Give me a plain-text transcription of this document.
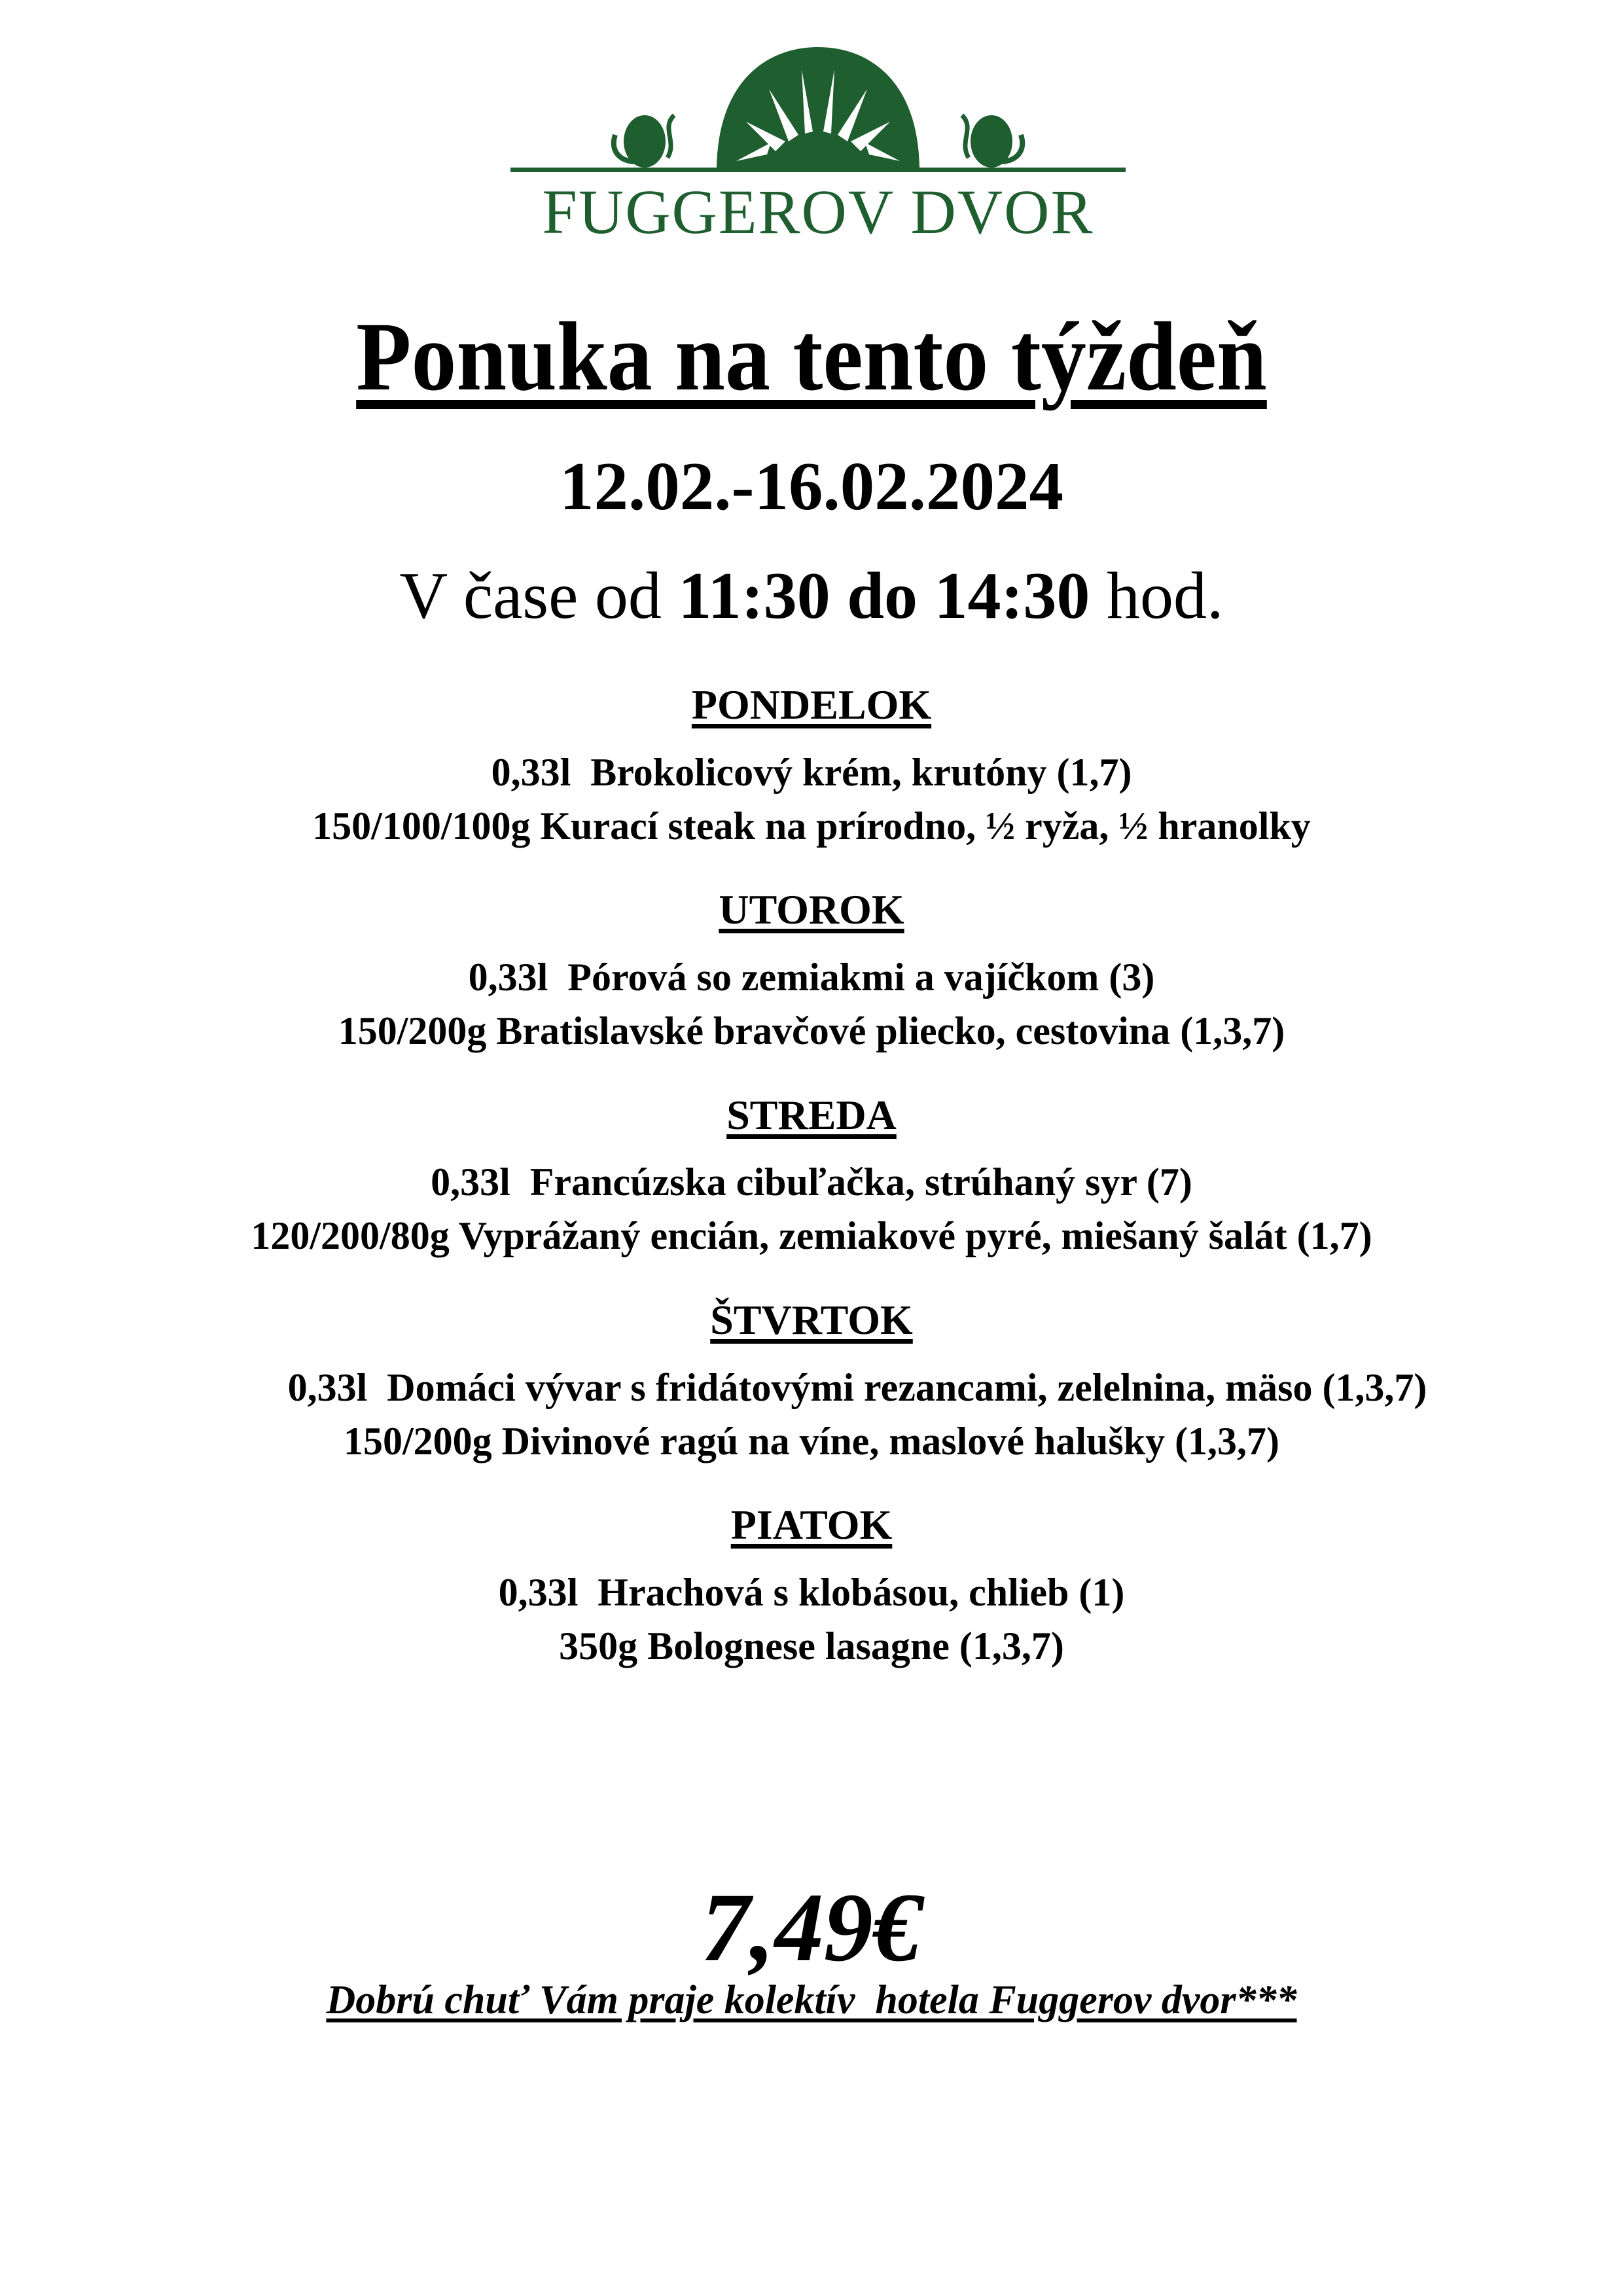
FUGGEROV DVOR
Ponuka na tento týždeň
12.02.-16.02.2024
V čase od 11:30 do 14:30 hod.
PONDELOK
0,33l  Brokolicový krém, krutóny (1,7)
150/100/100g Kurací steak na prírodno, ½ ryža, ½ hranolky
UTOROK
0,33l  Pórová so zemiakmi a vajíčkom (3)
150/200g Bratislavské bravčové pliecko, cestovina (1,3,7)
STREDA
0,33l  Francúzska cibuľačka, strúhaný syr (7)
120/200/80g Vyprážaný encián, zemiakové pyré, miešaný šalát (1,7)
ŠTVRTOK
0,33l  Domáci vývar s fridátovými rezancami, zelelnina, mäso (1,3,7)
150/200g Divinové ragú na víne, maslové halušky (1,3,7)
PIATOK
0,33l  Hrachová s klobásou, chlieb (1)
350g Bolognese lasagne (1,3,7)
7,49€
Dobrú chuť Vám praje kolektív  hotela Fuggerov dvor***
